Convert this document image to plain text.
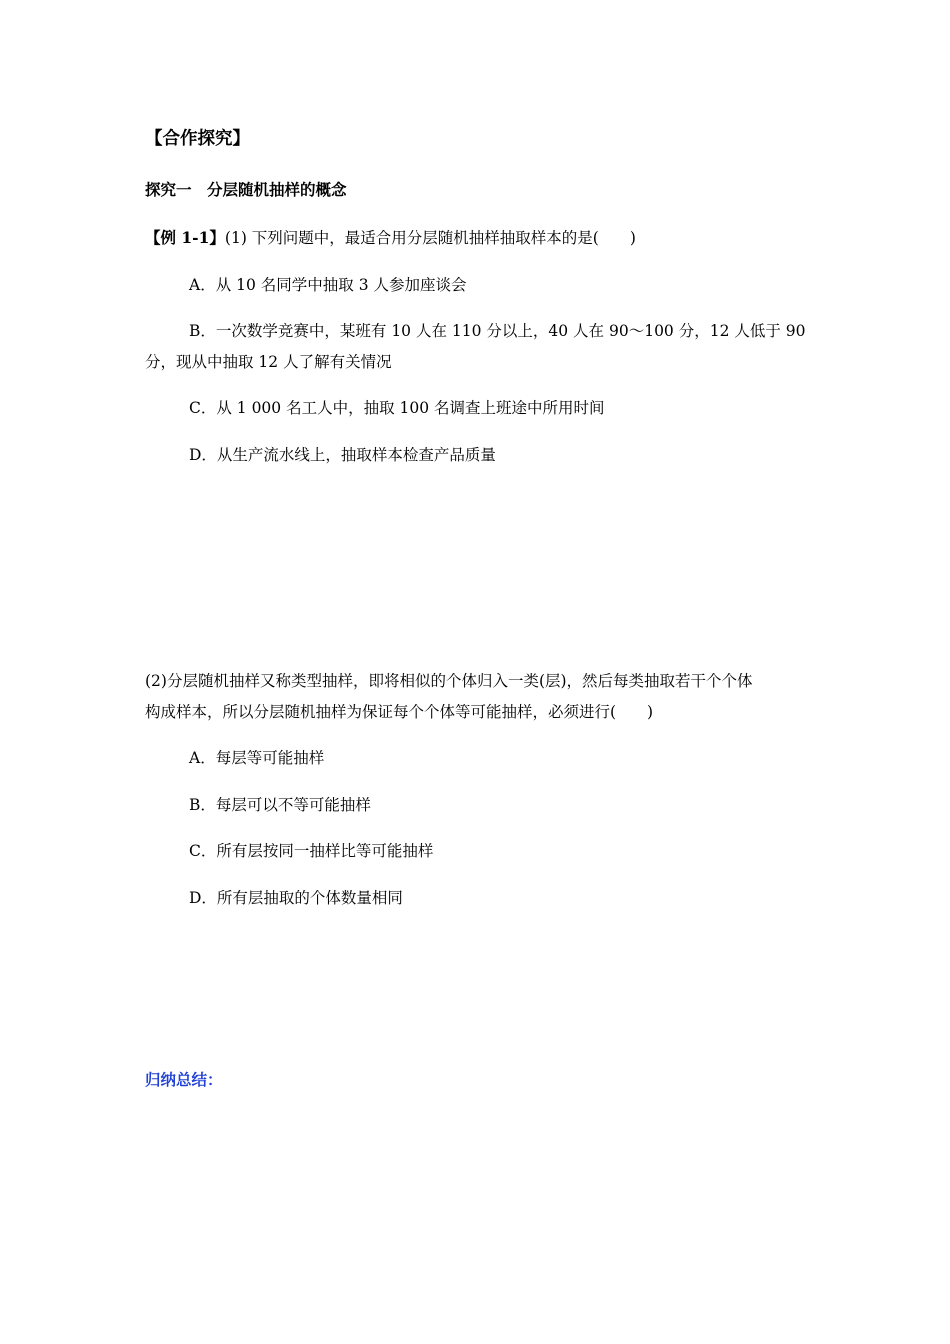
【合作探究】
探究一　分层随机抽样的概念
【例 1-1】(1) 下列问题中，最适合用分层随机抽样抽取样本的是(　　)
A．从 10 名同学中抽取 3 人参加座谈会
B．一次数学竞赛中，某班有 10 人在 110 分以上，40 人在 90～100 分，12 人低于 90
分，现从中抽取 12 人了解有关情况
C．从 1 000 名工人中，抽取 100 名调查上班途中所用时间
D．从生产流水线上，抽取样本检查产品质量
(2)分层随机抽样又称类型抽样，即将相似的个体归入一类(层)，然后每类抽取若干个个体
构成样本，所以分层随机抽样为保证每个个体等可能抽样，必须进行(　　)
A．每层等可能抽样
B．每层可以不等可能抽样
C．所有层按同一抽样比等可能抽样
D．所有层抽取的个体数量相同
归纳总结：
